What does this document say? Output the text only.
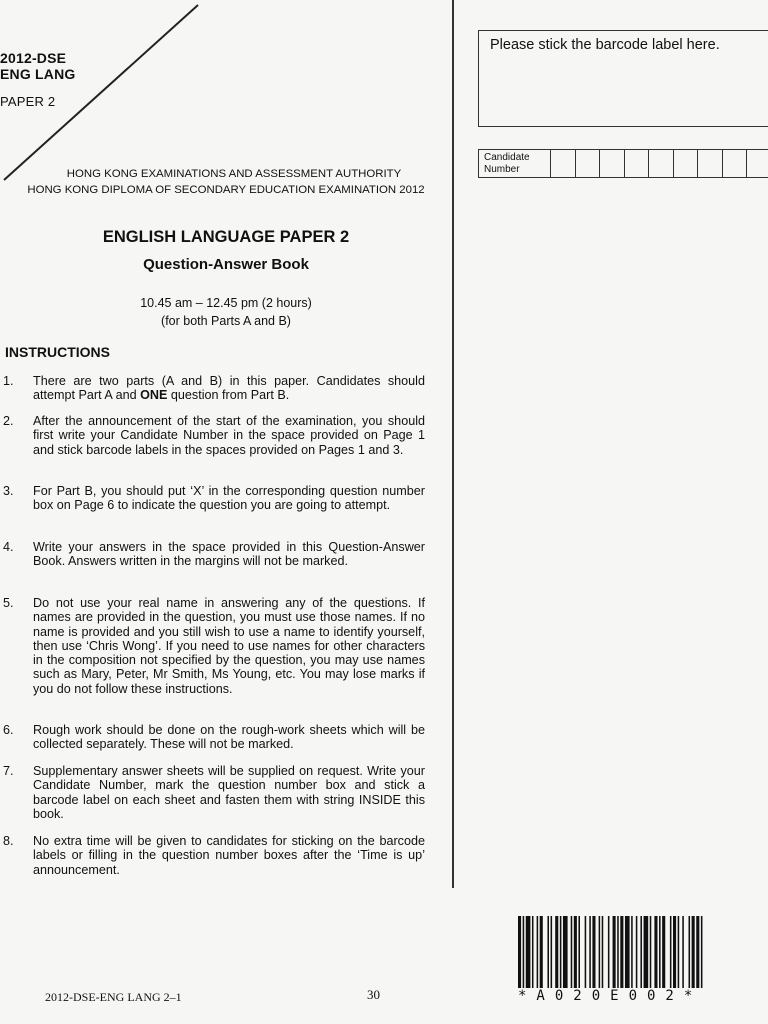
2012-DSE
ENG LANG
PAPER 2
HONG KONG EXAMINATIONS AND ASSESSMENT AUTHORITY
HONG KONG DIPLOMA OF SECONDARY EDUCATION EXAMINATION 2012
ENGLISH LANGUAGE PAPER 2
Question-Answer Book
10.45 am – 12.45 pm (2 hours)
(for both Parts A and B)
INSTRUCTIONS
1. There are two parts (A and B) in this paper. Candidates should attempt Part A and ONE question from Part B.
2. After the announcement of the start of the examination, you should first write your Candidate Number in the space provided on Page 1 and stick barcode labels in the spaces provided on Pages 1 and 3.
3. For Part B, you should put ‘X’ in the corresponding question number box on Page 6 to indicate the question you are going to attempt.
4. Write your answers in the space provided in this Question-Answer Book. Answers written in the margins will not be marked.
5. Do not use your real name in answering any of the questions. If names are provided in the question, you must use those names. If no name is provided and you still wish to use a name to identify yourself, then use ‘Chris Wong’. If you need to use names for other characters in the composition not specified by the question, you may use names such as Mary, Peter, Mr Smith, Ms Young, etc. You may lose marks if you do not follow these instructions.
6. Rough work should be done on the rough-work sheets which will be collected separately. These will not be marked.
7. Supplementary answer sheets will be supplied on request. Write your Candidate Number, mark the question number box and stick a barcode label on each sheet and fasten them with string INSIDE this book.
8. No extra time will be given to candidates for sticking on the barcode labels or filling in the question number boxes after the ‘Time is up’ announcement.
Please stick the barcode label here.
Candidate
Number
*A020E002*
2012-DSE-ENG LANG 2–1	30
